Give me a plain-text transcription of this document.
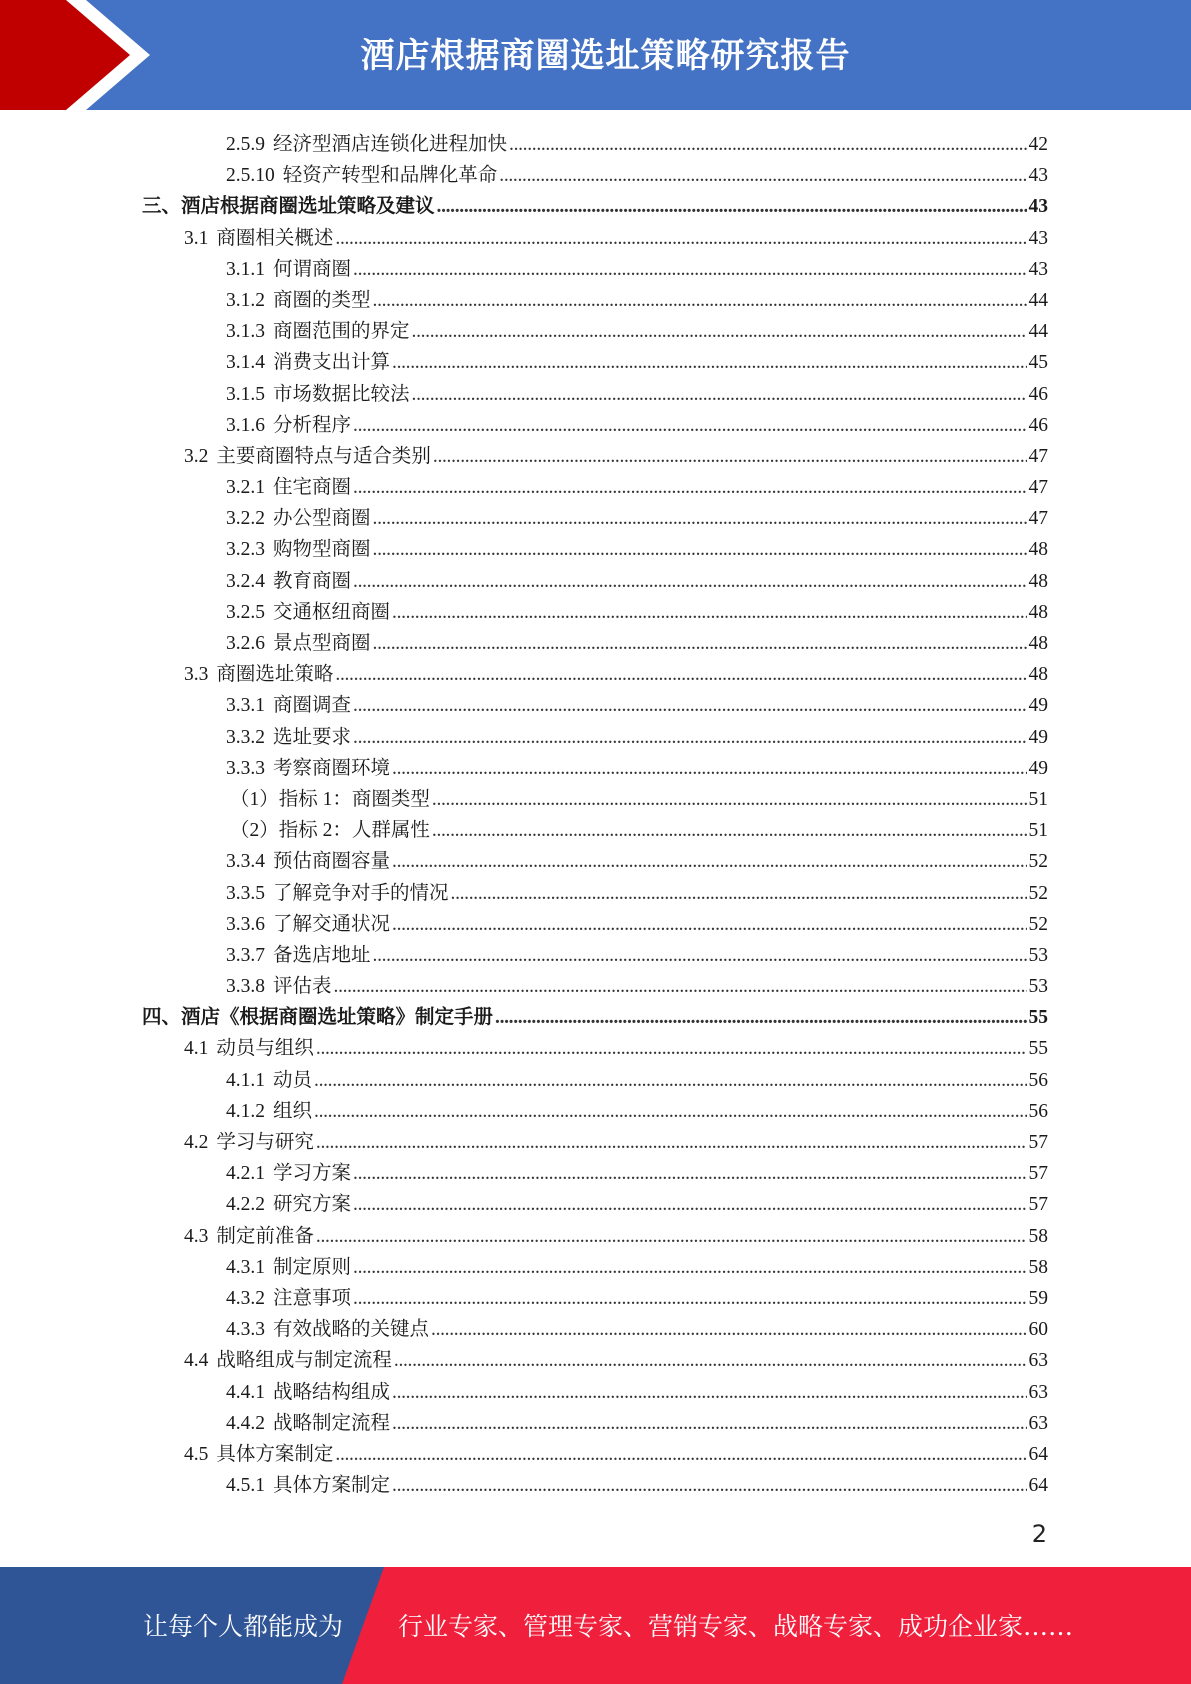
酒店根据商圈选址策略研究报告
2.5.9 经济型酒店连锁化进程加快 . . .	42
2.5.10 轻资产转型和品牌化革命 . . .	43
三、酒店根据商圈选址策略及建议 . . .	43
3.1 商圈相关概述 . . .	43
3.1.1 何谓商圈 . . .	43
3.1.2 商圈的类型 . . .	44
3.1.3 商圈范围的界定 . . .	44
3.1.4 消费支出计算 . . .	45
3.1.5 市场数据比较法 . . .	46
3.1.6 分析程序 . . .	46
3.2 主要商圈特点与适合类别 . . .	47
3.2.1 住宅商圈 . . .	47
3.2.2 办公型商圈 . . .	47
3.2.3 购物型商圈 . . .	48
3.2.4 教育商圈 . . .	48
3.2.5 交通枢纽商圈 . . .	48
3.2.6 景点型商圈 . . .	48
3.3 商圈选址策略 . . .	48
3.3.1 商圈调查 . . .	49
3.3.2 选址要求 . . .	49
3.3.3 考察商圈环境 . . .	49
（1）指标 1：商圈类型 . . .	51
（2）指标 2：人群属性 . . .	51
3.3.4 预估商圈容量 . . .	52
3.3.5 了解竞争对手的情况 . . .	52
3.3.6 了解交通状况 . . .	52
3.3.7 备选店地址 . . .	53
3.3.8 评估表 . . .	53
四、酒店《根据商圈选址策略》制定手册 . . .	55
4.1 动员与组织 . . .	55
4.1.1 动员 . . .	56
4.1.2 组织 . . .	56
4.2 学习与研究 . . .	57
4.2.1 学习方案 . . .	57
4.2.2 研究方案 . . .	57
4.3 制定前准备 . . .	58
4.3.1 制定原则 . . .	58
4.3.2 注意事项 . . .	59
4.3.3 有效战略的关键点 . . .	60
4.4 战略组成与制定流程 . . .	63
4.4.1 战略结构组成 . . .	63
4.4.2 战略制定流程 . . .	63
4.5 具体方案制定 . . .	64
4.5.1 具体方案制定 . . .	64
2
让每个人都能成为 行业专家、管理专家、营销专家、战略专家、成功企业家……
